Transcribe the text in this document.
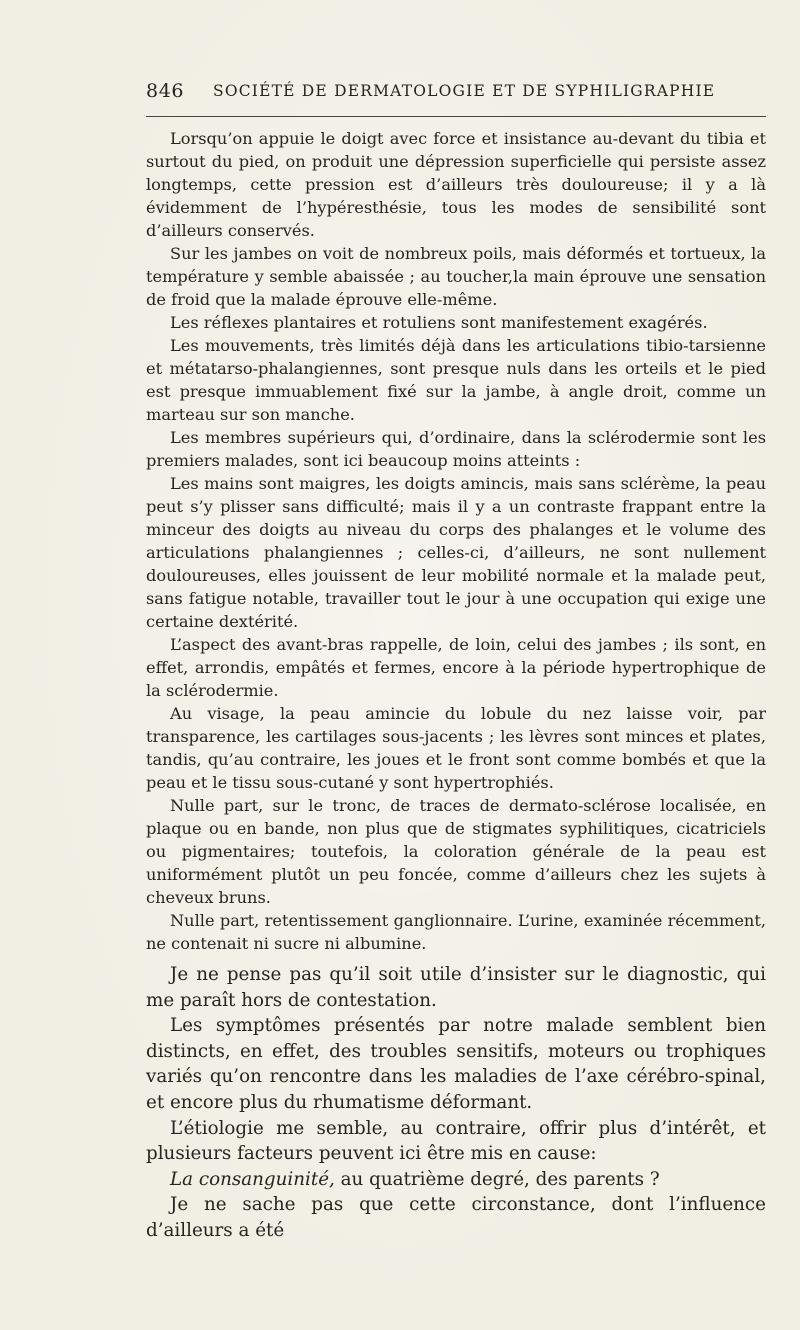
846 SOCIÉTÉ DE DERMATOLOGIE ET DE SYPHILIGRAPHIE

Lorsqu’on appuie le doigt avec force et insistance au-devant du tibia et surtout du pied, on produit une dépression superficielle qui persiste assez longtemps, cette pression est d’ailleurs très douloureuse; il y a là évidemment de l’hypéresthésie, tous les modes de sensibilité sont d’ailleurs conservés.

Sur les jambes on voit de nombreux poils, mais déformés et tortueux, la température y semble abaissée ; au toucher,la main éprouve une sensation de froid que la malade éprouve elle-même.

Les réflexes plantaires et rotuliens sont manifestement exagérés.

Les mouvements, très limités déjà dans les articulations tibio-tarsienne et métatarso-phalangiennes, sont presque nuls dans les orteils et le pied est presque immuablement fixé sur la jambe, à angle droit, comme un marteau sur son manche.

Les membres supérieurs qui, d’ordinaire, dans la sclérodermie sont les premiers malades, sont ici beaucoup moins atteints :

Les mains sont maigres, les doigts amincis, mais sans sclérème, la peau peut s’y plisser sans difficulté; mais il y a un contraste frappant entre la minceur des doigts au niveau du corps des phalanges et le volume des articulations phalangiennes ; celles-ci, d’ailleurs, ne sont nullement douloureuses, elles jouissent de leur mobilité normale et la malade peut, sans fatigue notable, travailler tout le jour à une occupation qui exige une certaine dextérité.

L’aspect des avant-bras rappelle, de loin, celui des jambes ; ils sont, en effet, arrondis, empâtés et fermes, encore à la période hypertrophique de la sclérodermie.

Au visage, la peau amincie du lobule du nez laisse voir, par transparence, les cartilages sous-jacents ; les lèvres sont minces et plates, tandis, qu’au contraire, les joues et le front sont comme bombés et que la peau et le tissu sous-cutané y sont hypertrophiés.

Nulle part, sur le tronc, de traces de dermato-sclérose localisée, en plaque ou en bande, non plus que de stigmates syphilitiques, cicatriciels ou pigmentaires; toutefois, la coloration générale de la peau est uniformément plutôt un peu foncée, comme d’ailleurs chez les sujets à cheveux bruns.

Nulle part, retentissement ganglionnaire. L’urine, examinée récemment, ne contenait ni sucre ni albumine.

Je ne pense pas qu’il soit utile d’insister sur le diagnostic, qui me paraît hors de contestation.

Les symptômes présentés par notre malade semblent bien distincts, en effet, des troubles sensitifs, moteurs ou trophiques variés qu’on rencontre dans les maladies de l’axe cérébro-spinal, et encore plus du rhumatisme déformant.

L’étiologie me semble, au contraire, offrir plus d’intérêt, et plusieurs facteurs peuvent ici être mis en cause:

La consanguinité, au quatrième degré, des parents ?

Je ne sache pas que cette circonstance, dont l’influence d’ailleurs a été
